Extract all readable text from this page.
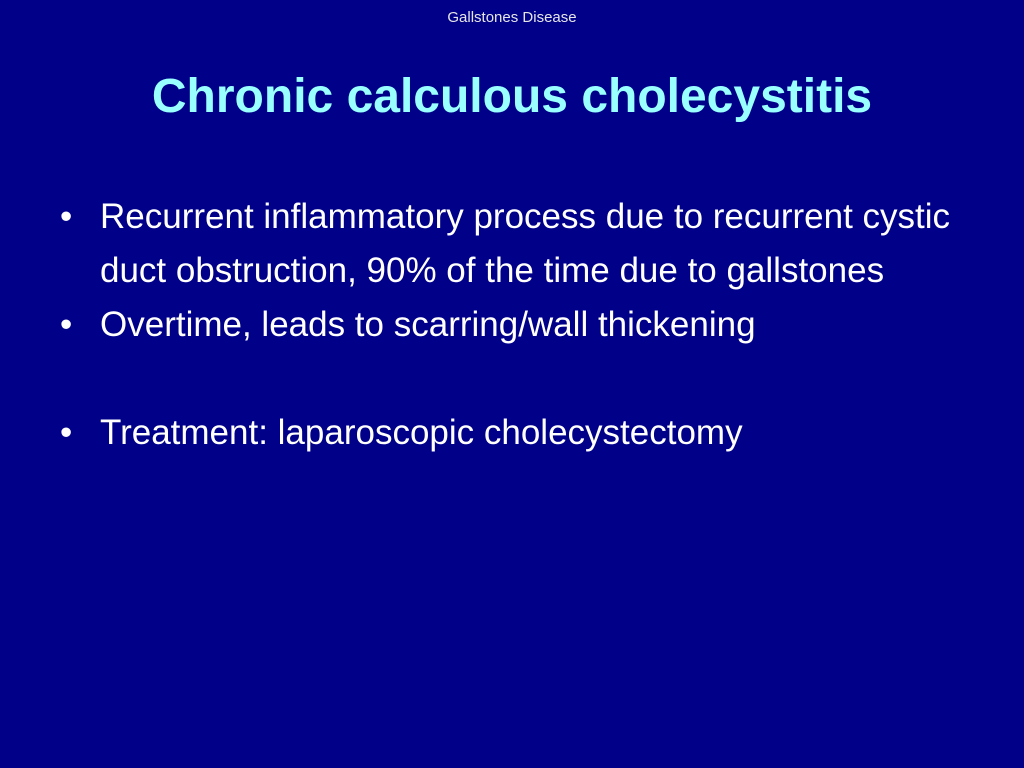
Gallstones Disease
Chronic calculous cholecystitis
• Recurrent inflammatory process due to recurrent cystic duct obstruction, 90% of the time due to gallstones
• Overtime, leads to scarring/wall thickening
• Treatment: laparoscopic cholecystectomy
